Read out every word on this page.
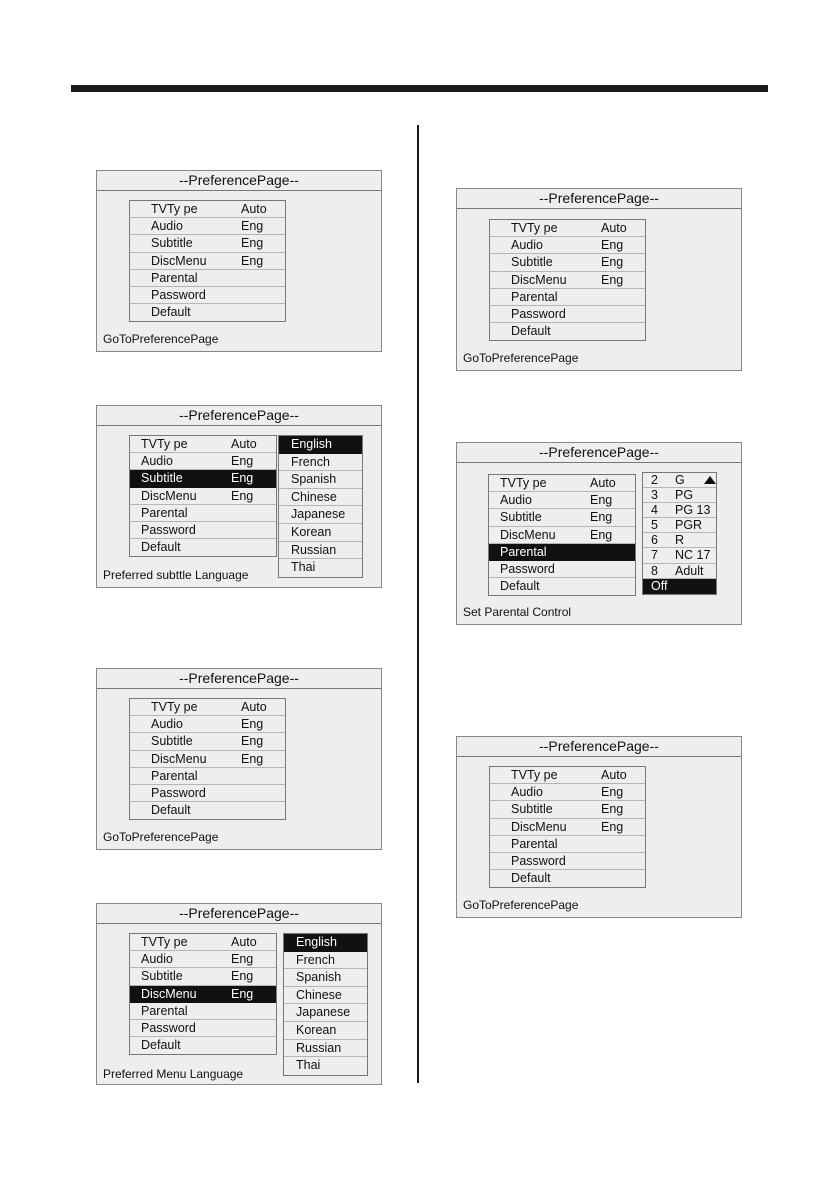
--PreferencePage--
TVTy pe	Auto
Audio	Eng
Subtitle	Eng
DiscMenu	Eng
Parental
Password
Default
GoToPreferencePage
--PreferencePage--
TVTy pe	Auto
Audio	Eng
Subtitle	Eng
DiscMenu	Eng
Parental
Password
Default
English
French
Spanish
Chinese
Japanese
Korean
Russian
Thai
Preferred subttle Language
--PreferencePage--
TVTy pe	Auto
Audio	Eng
Subtitle	Eng
DiscMenu	Eng
Parental
Password
Default
GoToPreferencePage
--PreferencePage--
TVTy pe	Auto
Audio	Eng
Subtitle	Eng
DiscMenu	Eng
Parental
Password
Default
English
French
Spanish
Chinese
Japanese
Korean
Russian
Thai
Preferred Menu Language
--PreferencePage--
TVTy pe	Auto
Audio	Eng
Subtitle	Eng
DiscMenu	Eng
Parental
Password
Default
GoToPreferencePage
--PreferencePage--
TVTy pe	Auto
Audio	Eng
Subtitle	Eng
DiscMenu	Eng
Parental
Password
Default
2 G
3 PG
4 PG 13
5 PGR
6 R
7 NC 17
8 Adult
Off
Set Parental Control
--PreferencePage--
TVTy pe	Auto
Audio	Eng
Subtitle	Eng
DiscMenu	Eng
Parental
Password
Default
GoToPreferencePage
